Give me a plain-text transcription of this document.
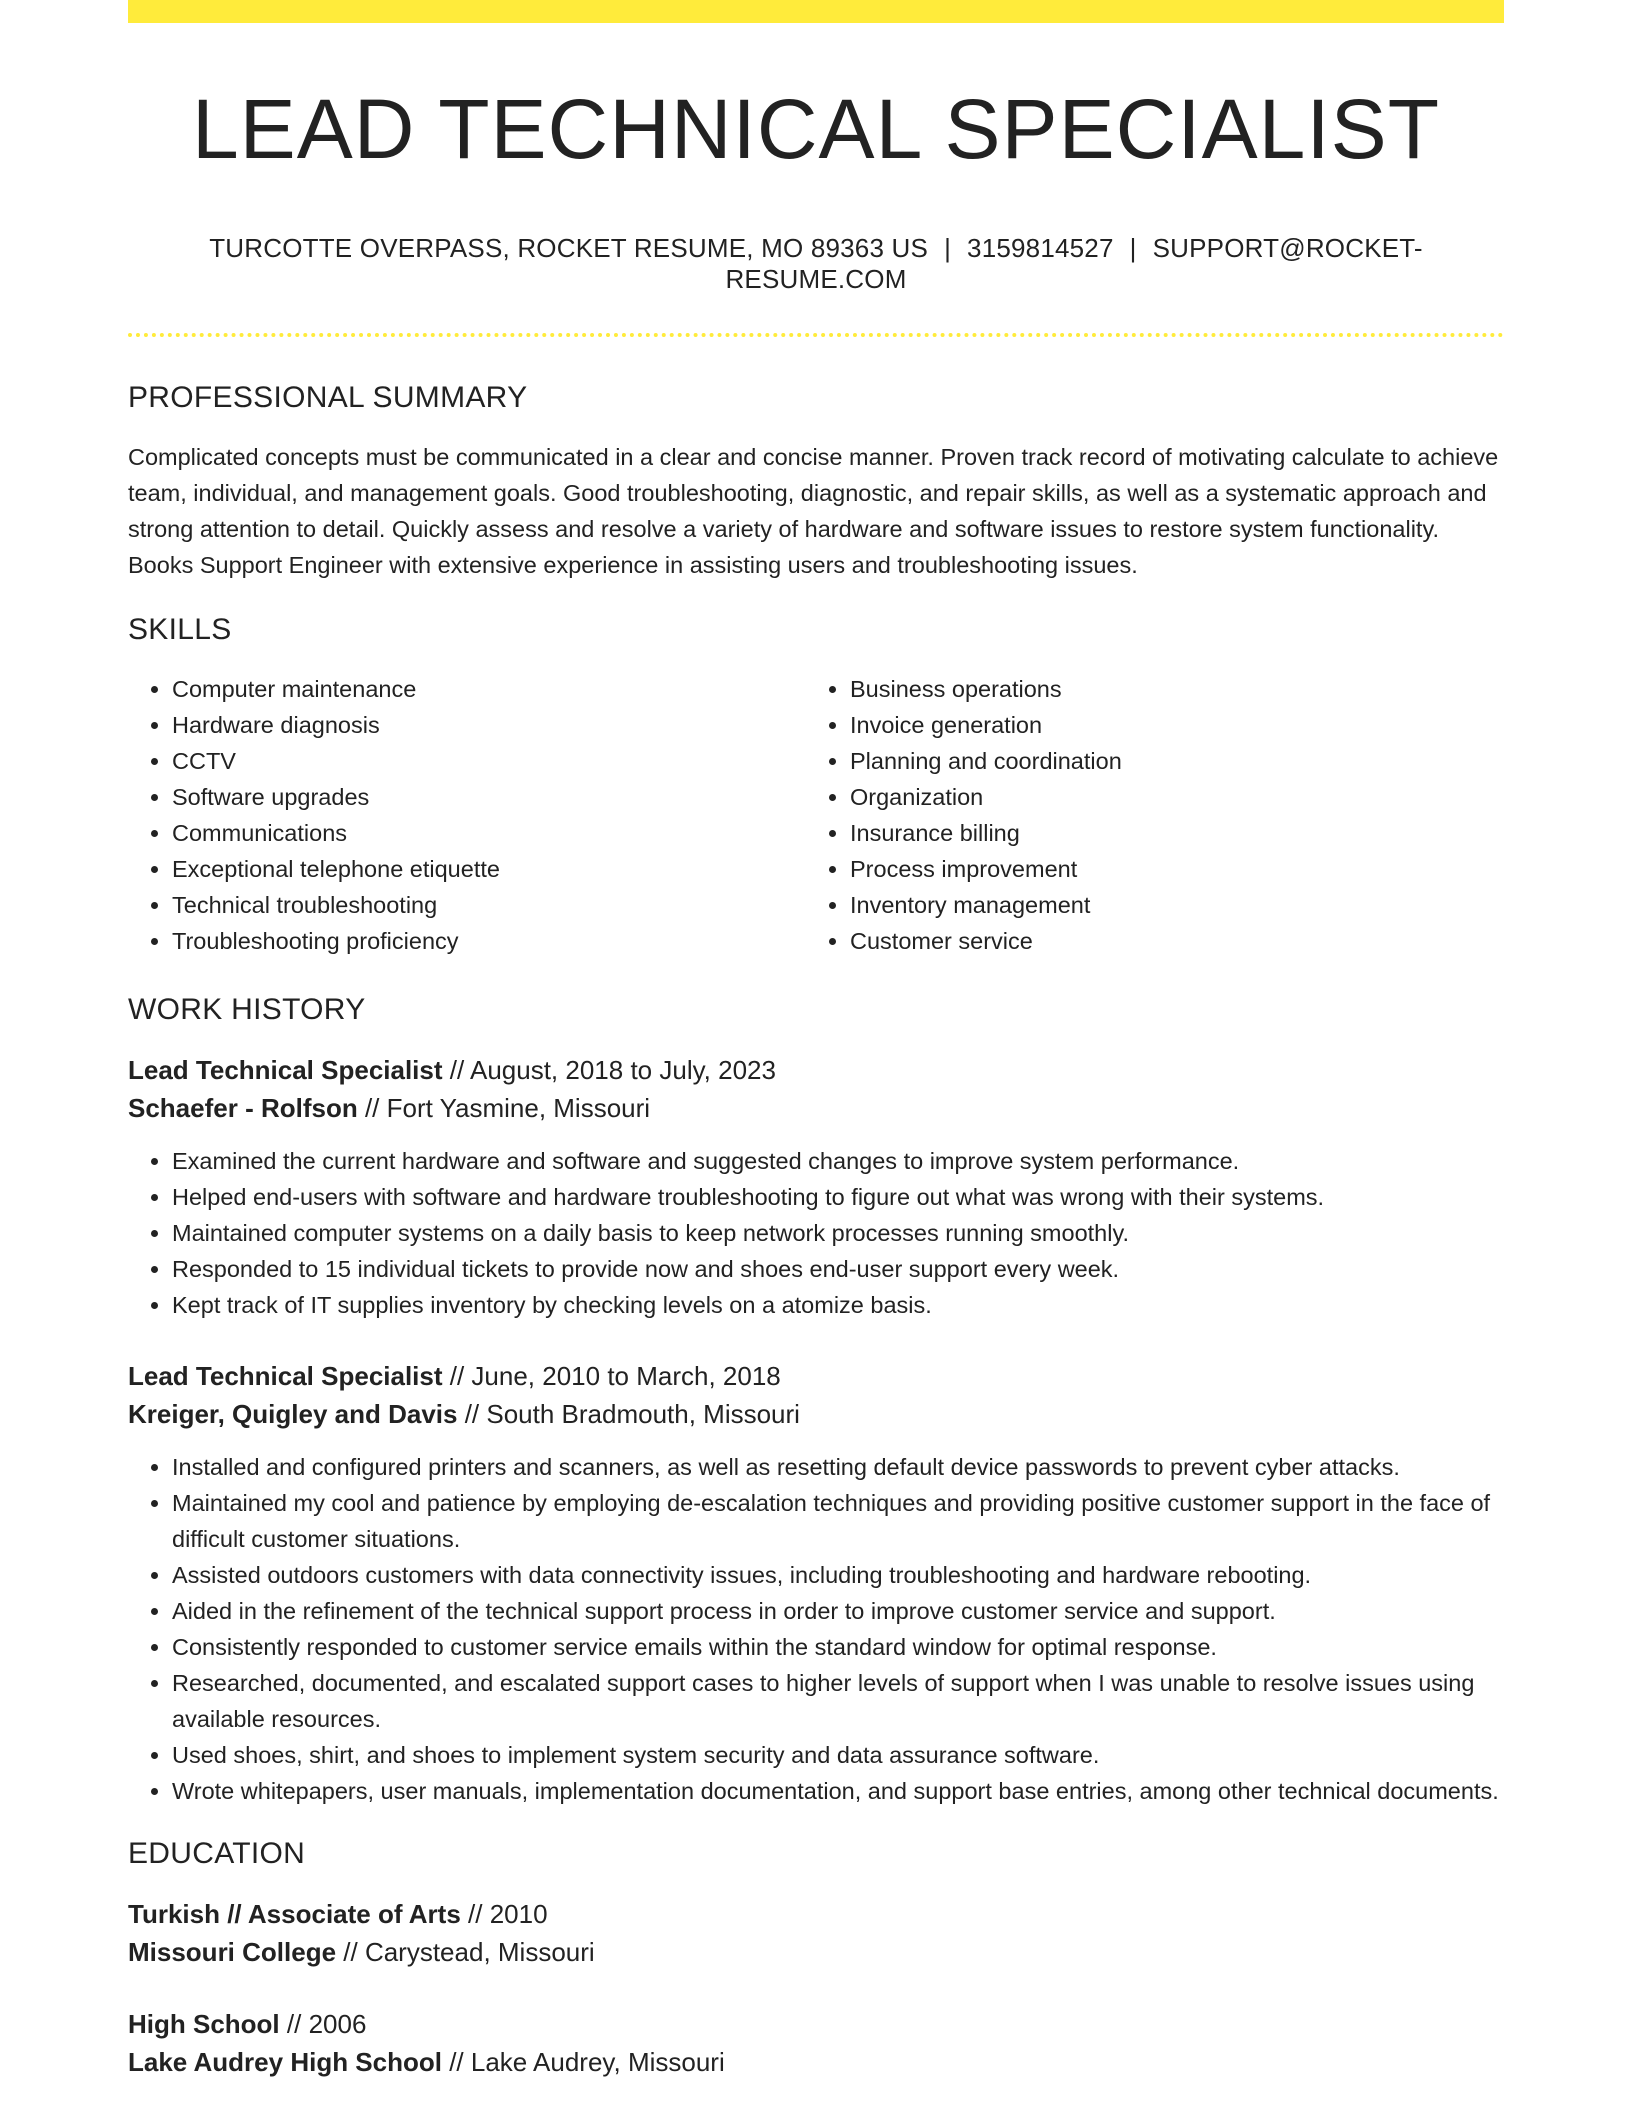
LEAD TECHNICAL SPECIALIST
TURCOTTE OVERPASS, ROCKET RESUME, MO 89363 US | 3159814527 | SUPPORT@ROCKET-RESUME.COM
PROFESSIONAL SUMMARY

Complicated concepts must be communicated in a clear and concise manner. Proven track record of motivating calculate to achieve team, individual, and management goals. Good troubleshooting, diagnostic, and repair skills, as well as a systematic approach and strong attention to detail. Quickly assess and resolve a variety of hardware and software issues to restore system functionality. Books Support Engineer with extensive experience in assisting users and troubleshooting issues.

SKILLS
• Computer maintenance
• Hardware diagnosis
• CCTV
• Software upgrades
• Communications
• Exceptional telephone etiquette
• Technical troubleshooting
• Troubleshooting proficiency
• Business operations
• Invoice generation
• Planning and coordination
• Organization
• Insurance billing
• Process improvement
• Inventory management
• Customer service
WORK HISTORY
Lead Technical Specialist // August, 2018 to July, 2023
Schaefer - Rolfson // Fort Yasmine, Missouri
• Examined the current hardware and software and suggested changes to improve system performance.
• Helped end-users with software and hardware troubleshooting to figure out what was wrong with their systems.
• Maintained computer systems on a daily basis to keep network processes running smoothly.
• Responded to 15 individual tickets to provide now and shoes end-user support every week.
• Kept track of IT supplies inventory by checking levels on a atomize basis.
Lead Technical Specialist // June, 2010 to March, 2018
Kreiger, Quigley and Davis // South Bradmouth, Missouri
• Installed and configured printers and scanners, as well as resetting default device passwords to prevent cyber attacks.
• Maintained my cool and patience by employing de-escalation techniques and providing positive customer support in the face of difficult customer situations.
• Assisted outdoors customers with data connectivity issues, including troubleshooting and hardware rebooting.
• Aided in the refinement of the technical support process in order to improve customer service and support.
• Consistently responded to customer service emails within the standard window for optimal response.
• Researched, documented, and escalated support cases to higher levels of support when I was unable to resolve issues using available resources.
• Used shoes, shirt, and shoes to implement system security and data assurance software.
• Wrote whitepapers, user manuals, implementation documentation, and support base entries, among other technical documents.
EDUCATION
Turkish // Associate of Arts // 2010
Missouri College // Carystead, Missouri
High School // 2006
Lake Audrey High School // Lake Audrey, Missouri
